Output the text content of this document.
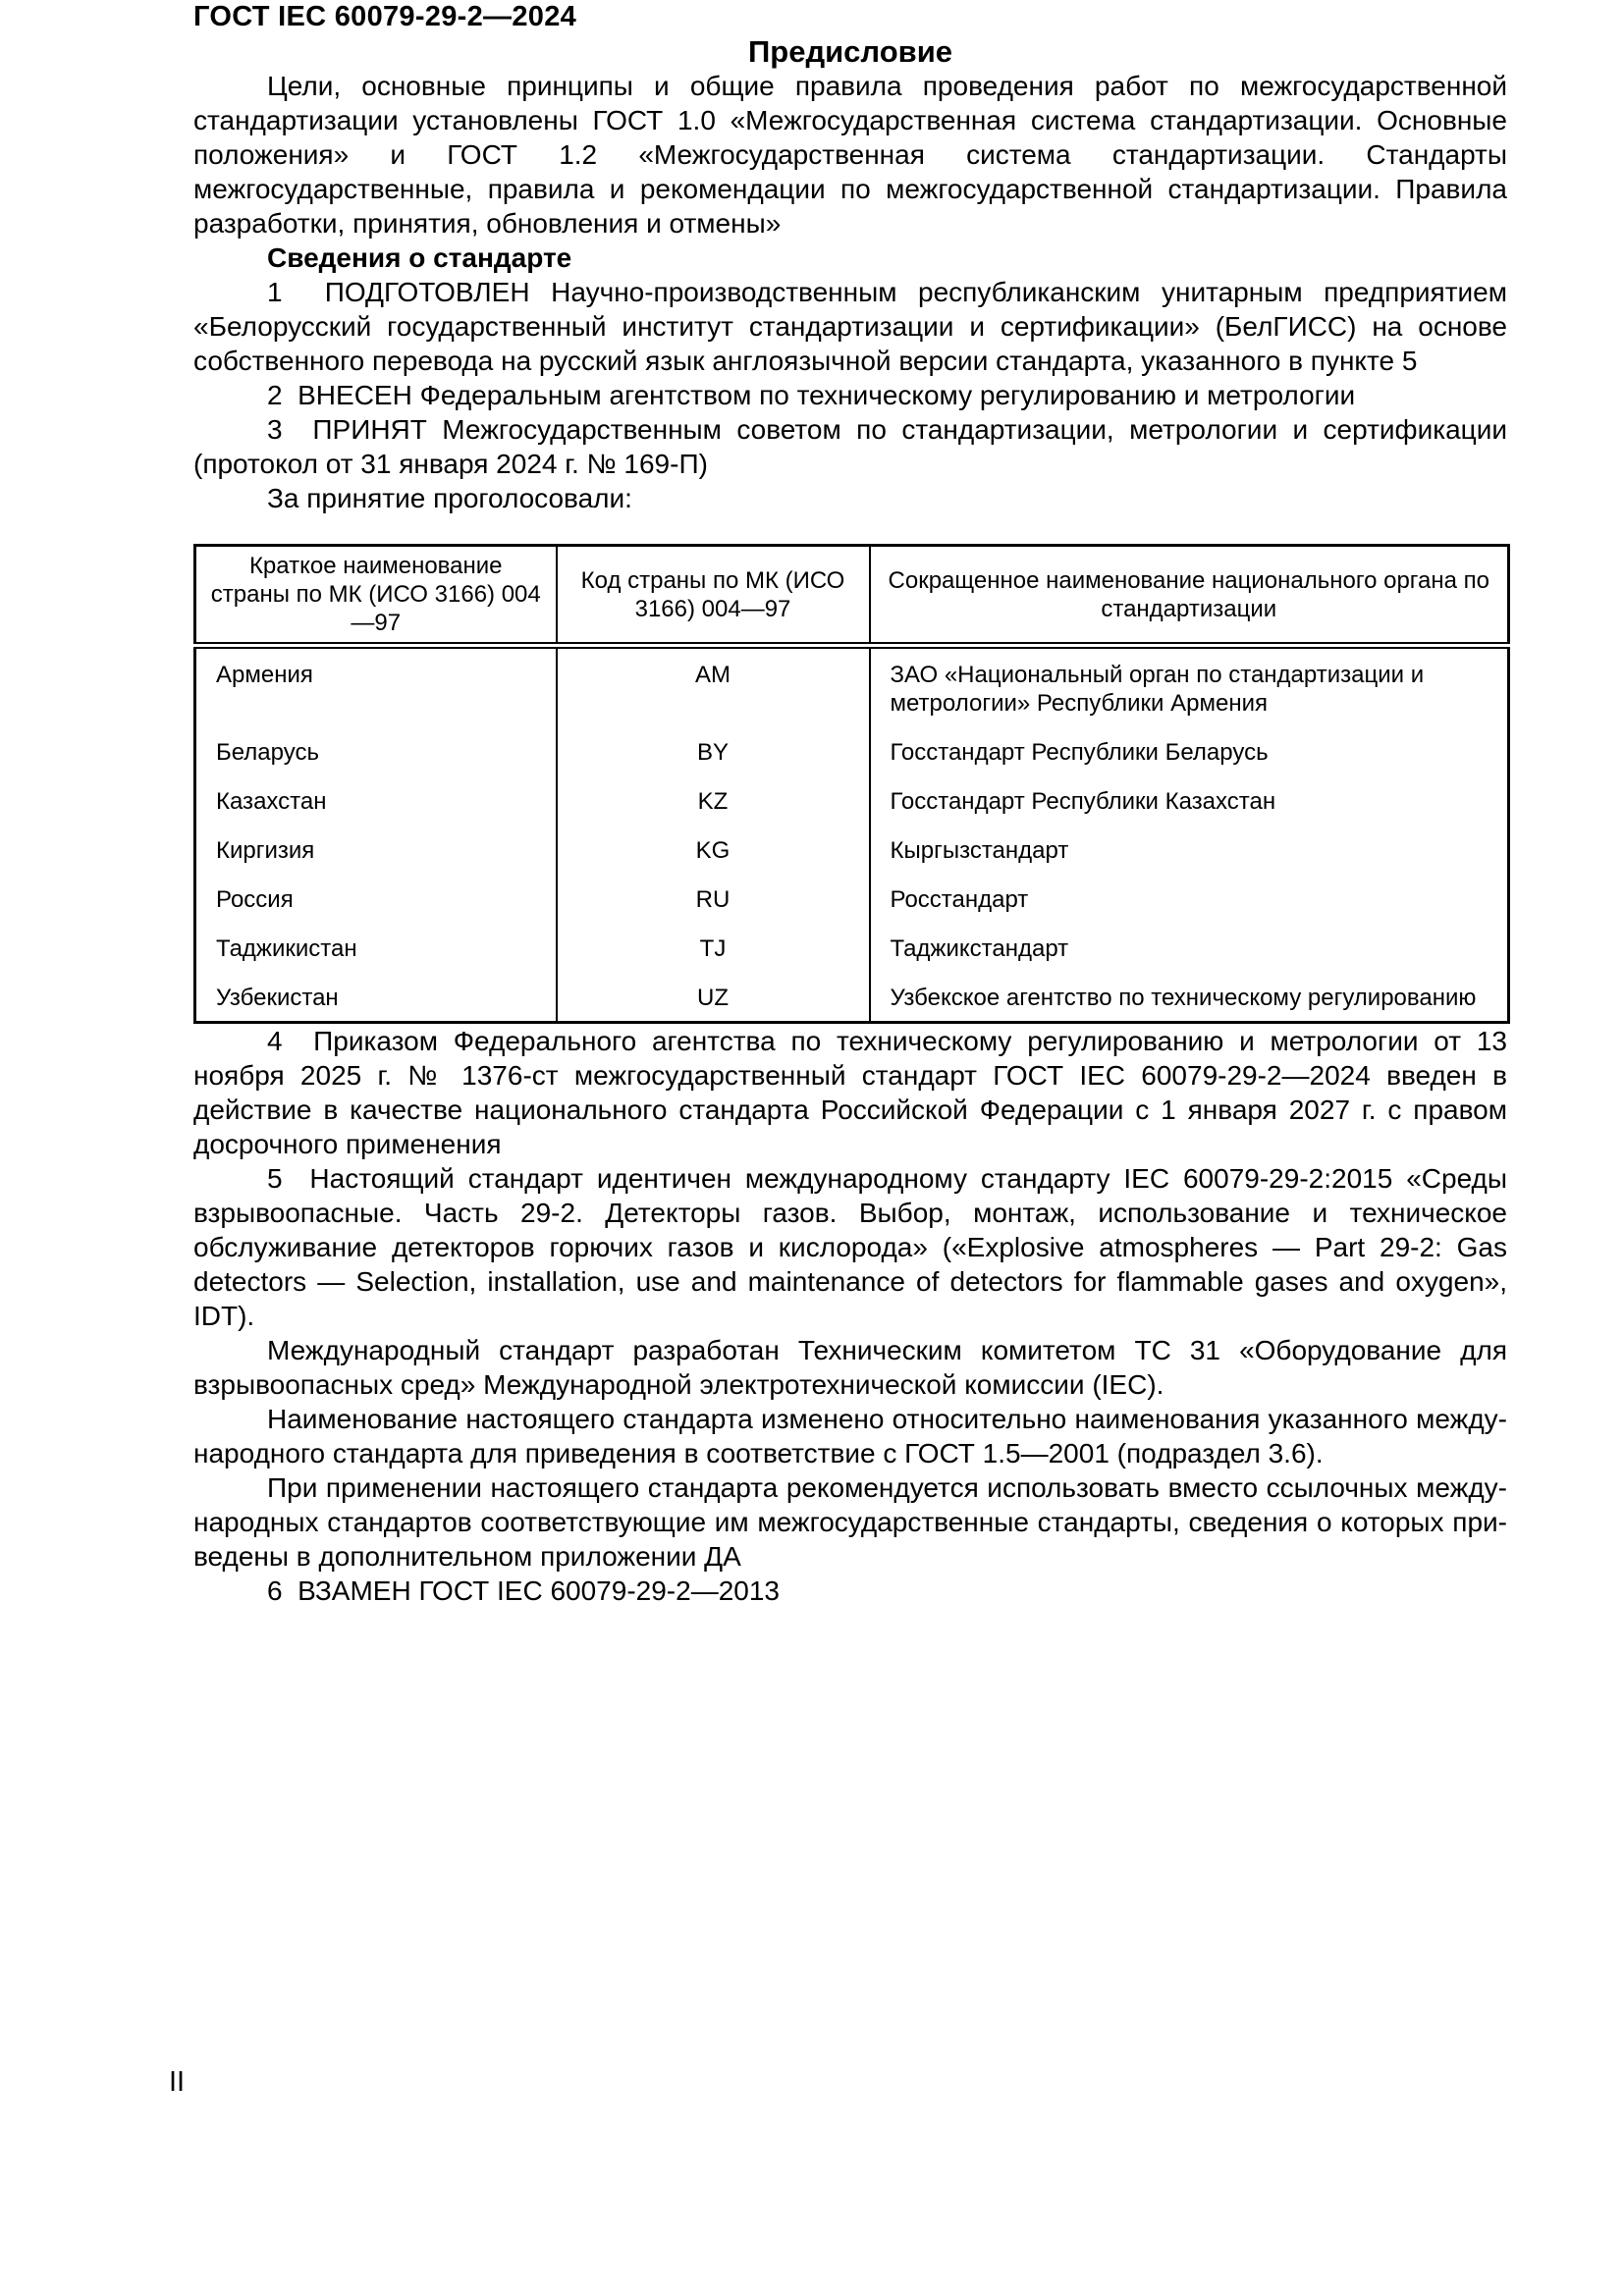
ГОСТ IEC 60079-29-2—2024

Предисловие

Цели, основные принципы и общие правила проведения работ по межгосударственной стандартизации установлены ГОСТ 1.0 «Межгосударственная система стандартизации. Основные положения» и ГОСТ 1.2 «Межгосударственная система стандартизации. Стандарты межгосударственные, правила и рекомендации по межгосударственной стандартизации. Правила разработки, принятия, обновления и отмены»

Сведения о стандарте

1  ПОДГОТОВЛЕН Научно-производственным республиканским унитарным предприятием «Белорусский государственный институт стандартизации и сертификации» (БелГИСС) на основе собственного перевода на русский язык англоязычной версии стандарта, указанного в пункте 5

2  ВНЕСЕН Федеральным агентством по техническому регулированию и метрологии

3  ПРИНЯТ Межгосударственным советом по стандартизации, метрологии и сертификации (протокол от 31 января 2024 г. № 169-П)

За принятие проголосовали:

Краткое наименование страны по МК (ИСО 3166) 004—97	Код страны по МК (ИСО 3166) 004—97	Сокращенное наименование национального органа по стандартизации
Армения	AM	ЗАО «Национальный орган по стандартизации и метрологии» Республики Армения
Беларусь	BY	Госстандарт Республики Беларусь
Казахстан	KZ	Госстандарт Республики Казахстан
Киргизия	KG	Кыргызстандарт
Россия	RU	Росстандарт
Таджикистан	TJ	Таджикстандарт
Узбекистан	UZ	Узбекское агентство по техническому регулированию

4  Приказом Федерального агентства по техническому регулированию и метрологии от 13 ноября 2025 г. № 1376-ст межгосударственный стандарт ГОСТ IEC 60079-29-2—2024 введен в действие в качестве национального стандарта Российской Федерации с 1 января 2027 г. с правом досрочного применения

5  Настоящий стандарт идентичен международному стандарту IEC 60079-29-2:2015 «Среды взрывоопасные. Часть 29-2. Детекторы газов. Выбор, монтаж, использование и техническое обслуживание детекторов горючих газов и кислорода» («Explosive atmospheres — Part 29-2: Gas detectors — Selection, installation, use and maintenance of detectors for flammable gases and oxygen», IDT).

Международный стандарт разработан Техническим комитетом ТС 31 «Оборудование для взрывоопасных сред» Международной электротехнической комиссии (IEC).

Наименование настоящего стандарта изменено относительно наименования указанного международного стандарта для приведения в соответствие с ГОСТ 1.5—2001 (подраздел 3.6).

При применении настоящего стандарта рекомендуется использовать вместо ссылочных международных стандартов соответствующие им межгосударственные стандарты, сведения о которых приведены в дополнительном приложении ДА

6  ВЗАМЕН ГОСТ IEC 60079-29-2—2013

II
